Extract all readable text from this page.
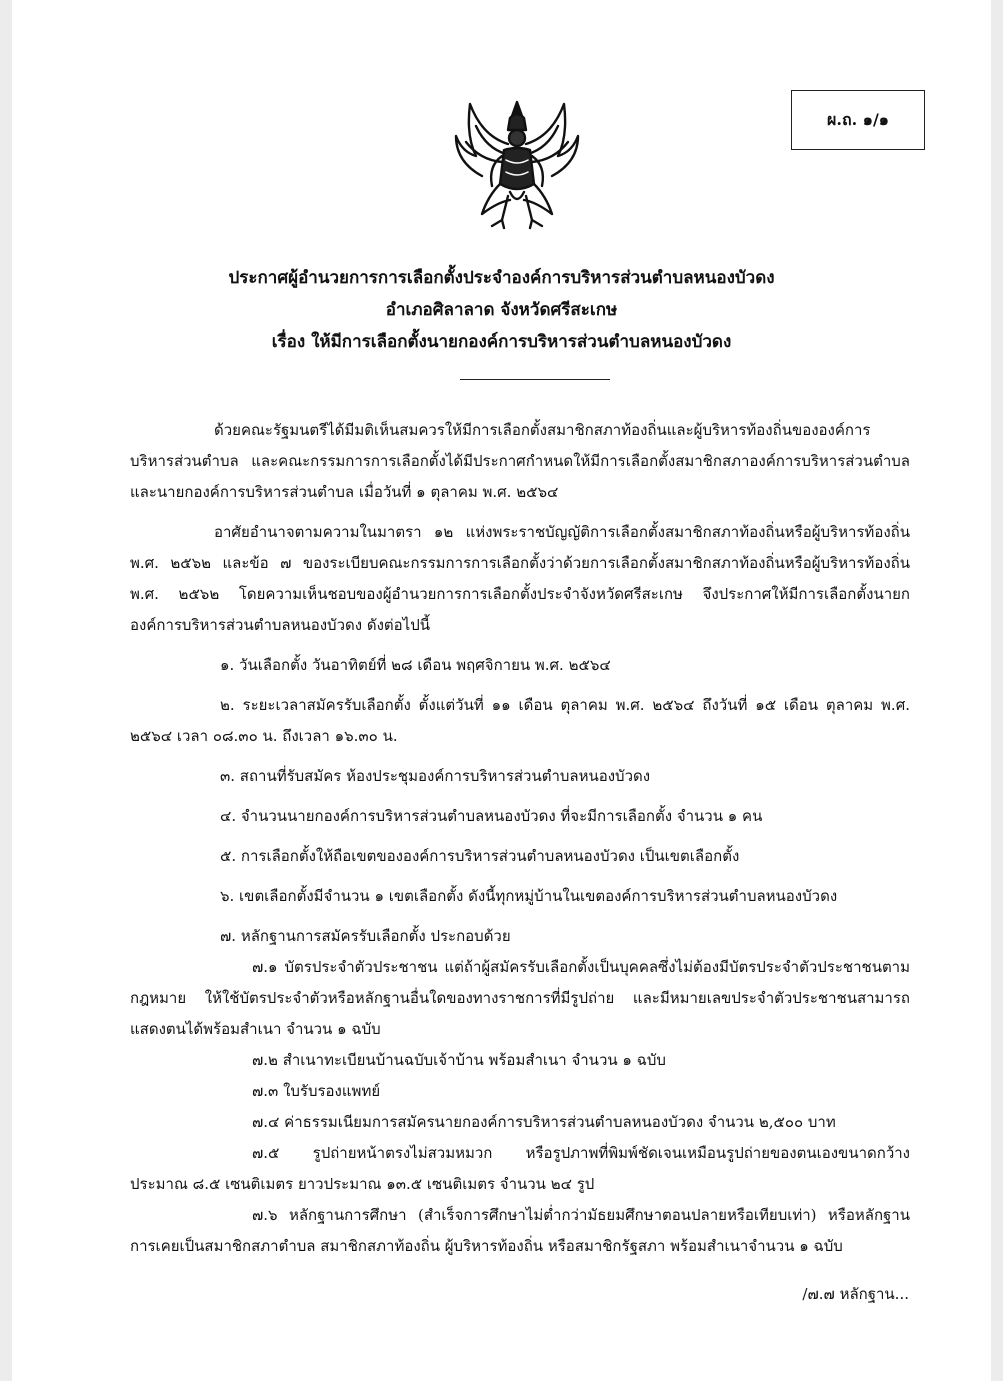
ผ.ถ. ๑/๑
ประกาศผู้อำนวยการการเลือกตั้งประจำองค์การบริหารส่วนตำบลหนองบัวดง
อำเภอศิลาลาด จังหวัดศรีสะเกษ
เรื่อง ให้มีการเลือกตั้งนายกองค์การบริหารส่วนตำบลหนองบัวดง

ด้วยคณะรัฐมนตรีได้มีมติเห็นสมควรให้มีการเลือกตั้งสมาชิกสภาท้องถิ่นและผู้บริหารท้องถิ่นขององค์การบริหารส่วนตำบล และคณะกรรมการการเลือกตั้งได้มีประกาศกำหนดให้มีการเลือกตั้งสมาชิกสภาองค์การบริหารส่วนตำบลและนายกองค์การบริหารส่วนตำบล เมื่อวันที่ ๑ ตุลาคม พ.ศ. ๒๕๖๔

อาศัยอำนาจตามความในมาตรา ๑๒ แห่งพระราชบัญญัติการเลือกตั้งสมาชิกสภาท้องถิ่นหรือผู้บริหารท้องถิ่น พ.ศ. ๒๕๖๒ และข้อ ๗ ของระเบียบคณะกรรมการการเลือกตั้งว่าด้วยการเลือกตั้งสมาชิกสภาท้องถิ่นหรือผู้บริหารท้องถิ่น พ.ศ. ๒๕๖๒ โดยความเห็นชอบของผู้อำนวยการการเลือกตั้งประจำจังหวัดศรีสะเกษ จึงประกาศให้มีการเลือกตั้งนายกองค์การบริหารส่วนตำบลหนองบัวดง ดังต่อไปนี้

๑. วันเลือกตั้ง วันอาทิตย์ที่ ๒๘ เดือน พฤศจิกายน พ.ศ. ๒๕๖๔

๒. ระยะเวลาสมัครรับเลือกตั้ง ตั้งแต่วันที่ ๑๑ เดือน ตุลาคม พ.ศ. ๒๕๖๔ ถึงวันที่ ๑๕ เดือน ตุลาคม พ.ศ. ๒๕๖๔ เวลา ๐๘.๓๐ น. ถึงเวลา ๑๖.๓๐ น.

๓. สถานที่รับสมัคร ห้องประชุมองค์การบริหารส่วนตำบลหนองบัวดง

๔. จำนวนนายกองค์การบริหารส่วนตำบลหนองบัวดง ที่จะมีการเลือกตั้ง จำนวน ๑ คน

๕. การเลือกตั้งให้ถือเขตขององค์การบริหารส่วนตำบลหนองบัวดง เป็นเขตเลือกตั้ง

๖. เขตเลือกตั้งมีจำนวน ๑ เขตเลือกตั้ง ดังนี้ทุกหมู่บ้านในเขตองค์การบริหารส่วนตำบลหนองบัวดง

๗. หลักฐานการสมัครรับเลือกตั้ง ประกอบด้วย

๗.๑ บัตรประจำตัวประชาชน แต่ถ้าผู้สมัครรับเลือกตั้งเป็นบุคคลซึ่งไม่ต้องมีบัตรประจำตัวประชาชนตามกฎหมาย ให้ใช้บัตรประจำตัวหรือหลักฐานอื่นใดของทางราชการที่มีรูปถ่าย และมีหมายเลขประจำตัวประชาชนสามารถแสดงตนได้พร้อมสำเนา จำนวน ๑ ฉบับ

๗.๒ สำเนาทะเบียนบ้านฉบับเจ้าบ้าน พร้อมสำเนา จำนวน ๑ ฉบับ

๗.๓ ใบรับรองแพทย์

๗.๔ ค่าธรรมเนียมการสมัครนายกองค์การบริหารส่วนตำบลหนองบัวดง จำนวน ๒,๕๐๐ บาท

๗.๕ รูปถ่ายหน้าตรงไม่สวมหมวก หรือรูปภาพที่พิมพ์ชัดเจนเหมือนรูปถ่ายของตนเองขนาดกว้างประมาณ ๘.๕ เซนติเมตร ยาวประมาณ ๑๓.๕ เซนติเมตร จำนวน ๒๔ รูป

๗.๖ หลักฐานการศึกษา (สำเร็จการศึกษาไม่ต่ำกว่ามัธยมศึกษาตอนปลายหรือเทียบเท่า) หรือหลักฐานการเคยเป็นสมาชิกสภาตำบล สมาชิกสภาท้องถิ่น ผู้บริหารท้องถิ่น หรือสมาชิกรัฐสภา พร้อมสำเนาจำนวน ๑ ฉบับ

/๗.๗ หลักฐาน...
